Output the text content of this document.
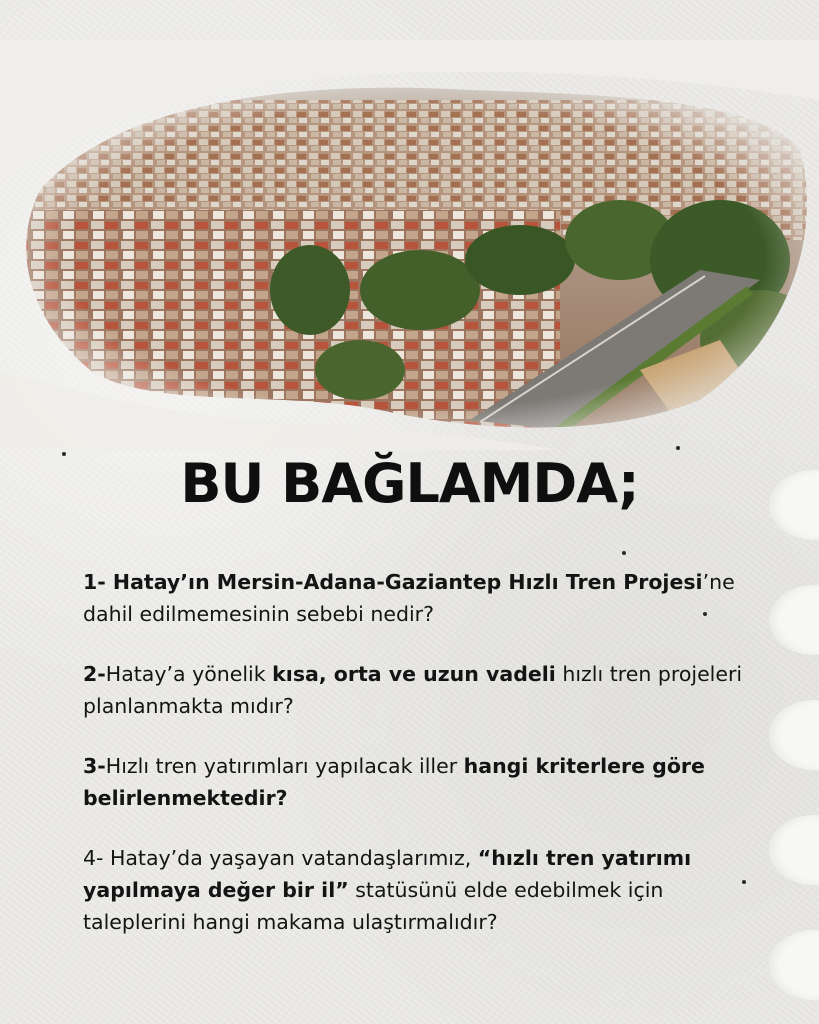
BU BAĞLAMDA;

1- Hatay’ın Mersin-Adana-Gaziantep Hızlı Tren Projesi’ne dahil edilmemesinin sebebi nedir?

2-Hatay’a yönelik kısa, orta ve uzun vadeli hızlı tren projeleri planlanmakta mıdır?

3-Hızlı tren yatırımları yapılacak iller hangi kriterlere göre belirlenmektedir?

4- Hatay’da yaşayan vatandaşlarımız, “hızlı tren yatırımı yapılmaya değer bir il” statüsünü elde edebilmek için taleplerini hangi makama ulaştırmalıdır?
